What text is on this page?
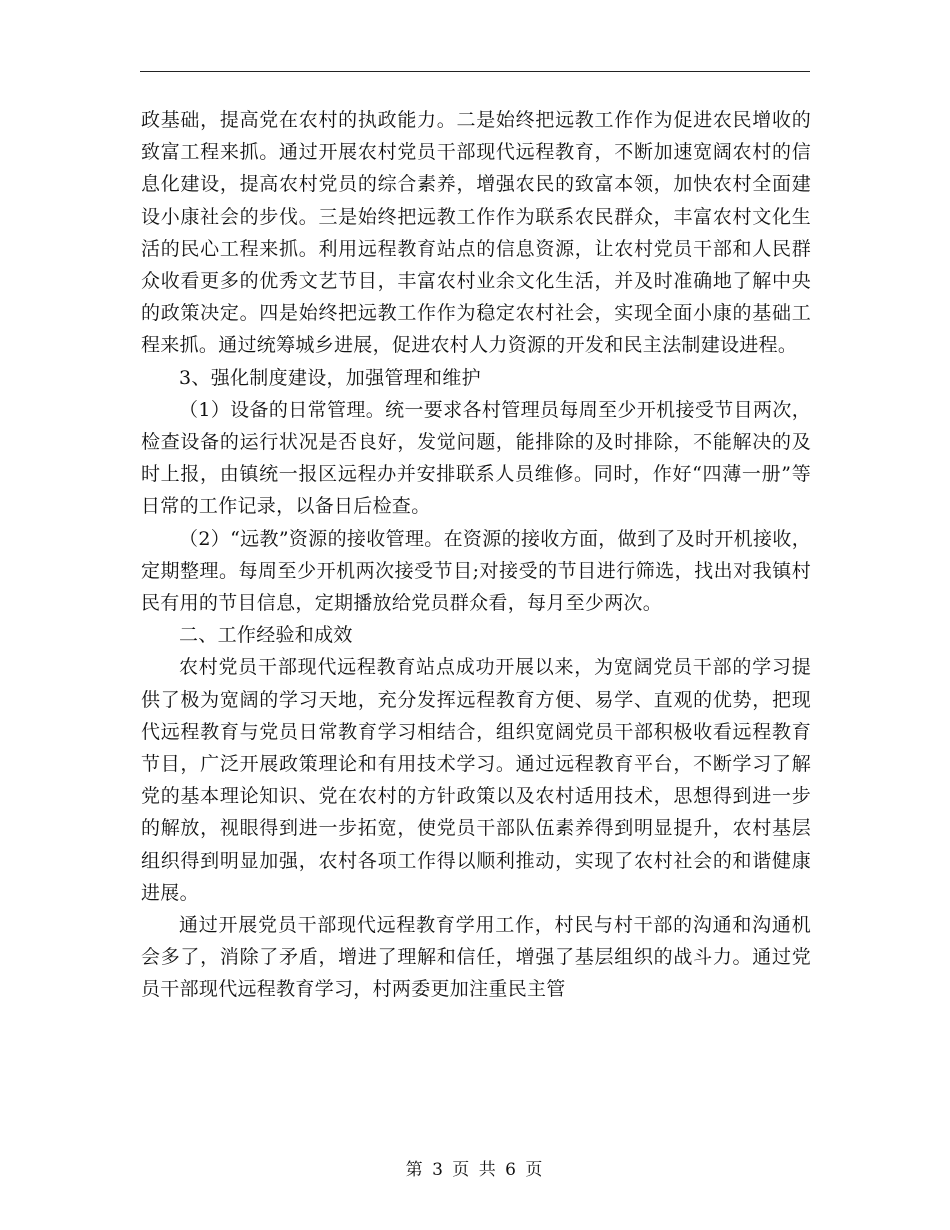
政基础，提高党在农村的执政能力。二是始终把远教工作作为促进农民增收的致富工程来抓。通过开展农村党员干部现代远程教育，不断加速宽阔农村的信息化建设，提高农村党员的综合素养，增强农民的致富本领，加快农村全面建设小康社会的步伐。三是始终把远教工作作为联系农民群众，丰富农村文化生活的民心工程来抓。利用远程教育站点的信息资源，让农村党员干部和人民群众收看更多的优秀文艺节目，丰富农村业余文化生活，并及时准确地了解中央的政策决定。四是始终把远教工作作为稳定农村社会，实现全面小康的基础工程来抓。通过统筹城乡进展，促进农村人力资源的开发和民主法制建设进程。

3、强化制度建设，加强管理和维护

（1）设备的日常管理。统一要求各村管理员每周至少开机接受节目两次，检查设备的运行状况是否良好，发觉问题，能排除的及时排除，不能解决的及时上报，由镇统一报区远程办并安排联系人员维修。同时，作好“四薄一册”等日常的工作记录，以备日后检查。

（2）“远教”资源的接收管理。在资源的接收方面，做到了及时开机接收，定期整理。每周至少开机两次接受节目;对接受的节目进行筛选，找出对我镇村民有用的节目信息，定期播放给党员群众看，每月至少两次。

二、工作经验和成效

农村党员干部现代远程教育站点成功开展以来，为宽阔党员干部的学习提供了极为宽阔的学习天地，充分发挥远程教育方便、易学、直观的优势，把现代远程教育与党员日常教育学习相结合，组织宽阔党员干部积极收看远程教育节目，广泛开展政策理论和有用技术学习。通过远程教育平台，不断学习了解党的基本理论知识、党在农村的方针政策以及农村适用技术，思想得到进一步的解放，视眼得到进一步拓宽，使党员干部队伍素养得到明显提升，农村基层组织得到明显加强，农村各项工作得以顺利推动，实现了农村社会的和谐健康进展。

通过开展党员干部现代远程教育学用工作，村民与村干部的沟通和沟通机会多了，消除了矛盾，增进了理解和信任，增强了基层组织的战斗力。通过党员干部现代远程教育学习，村两委更加注重民主管

第 3 页 共 6 页
